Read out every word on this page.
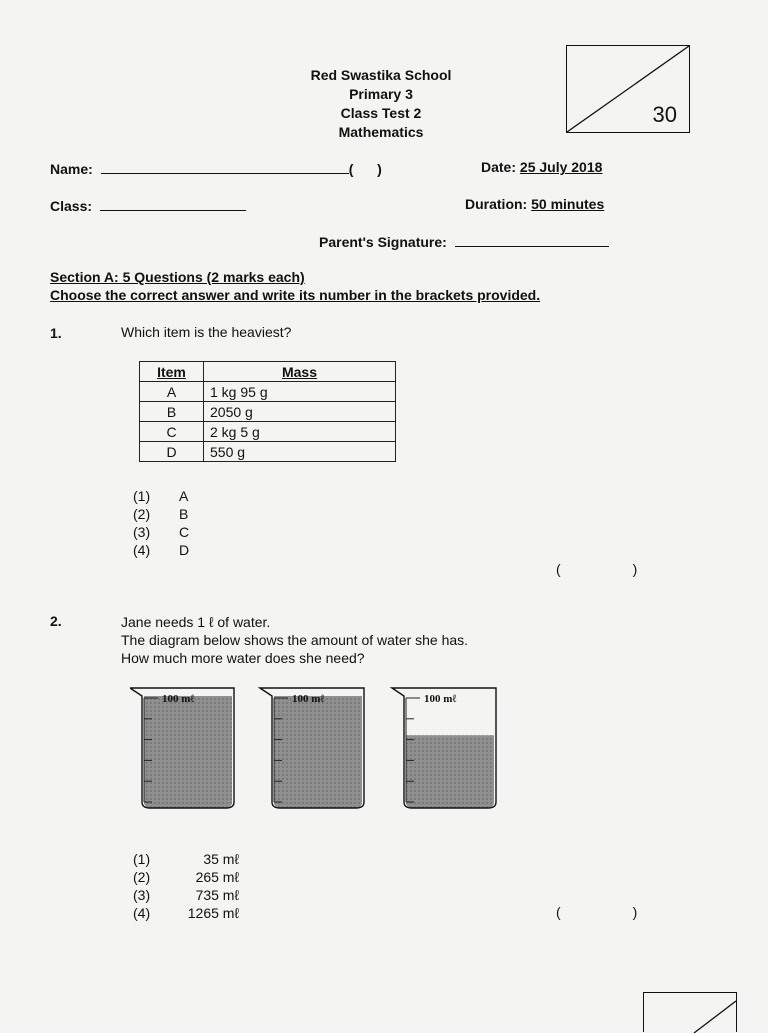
Red Swastika School
Primary 3
Class Test 2
Mathematics
30
Name:	( )	Date: 25 July 2018
Class:	Duration: 50 minutes
Parent's Signature:
Section A: 5 Questions (2 marks each)
Choose the correct answer and write its number in the brackets provided.
1.	Which item is the heaviest?
Item	Mass
A	1 kg 95 g
B	2050 g
C	2 kg 5 g
D	550 g
(1) A
(2) B
(3) C
(4) D
(	)
2.	Jane needs 1 ℓ of water.
The diagram below shows the amount of water she has.
How much more water does she need?
100 mℓ	100 mℓ	100 mℓ
(1)	35 mℓ
(2)	265 mℓ
(3)	735 mℓ
(4)	1265 mℓ	(	)
